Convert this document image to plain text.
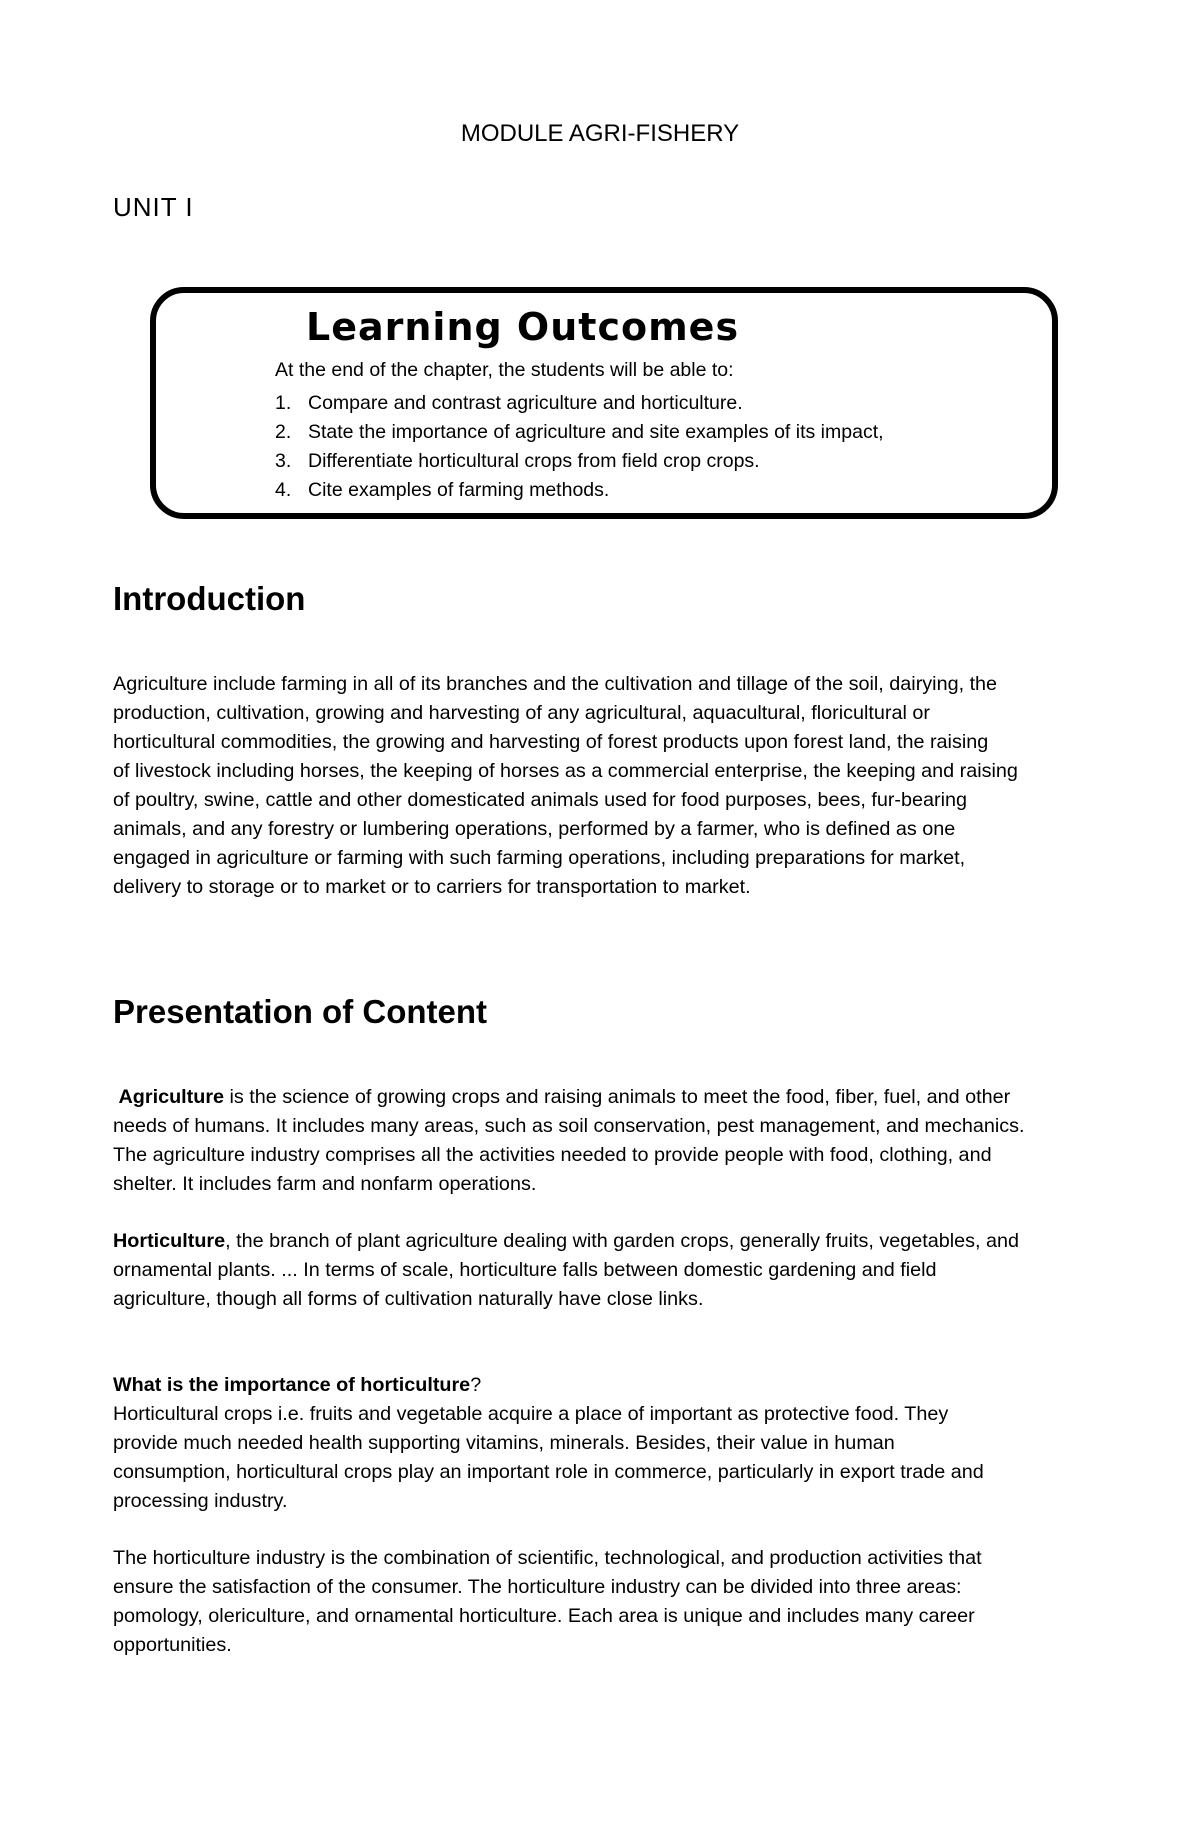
MODULE AGRI-FISHERY
UNIT I
Learning Outcomes
At the end of the chapter, the students will be able to:
1. Compare and contrast agriculture and horticulture.
2. State the importance of agriculture and site examples of its impact,
3. Differentiate horticultural crops from field crop crops.
4. Cite examples of farming methods.
Introduction
Agriculture include farming in all of its branches and the cultivation and tillage of the soil, dairying, the
production, cultivation, growing and harvesting of any agricultural, aquacultural, floricultural or
horticultural commodities, the growing and harvesting of forest products upon forest land, the raising
of livestock including horses, the keeping of horses as a commercial enterprise, the keeping and raising
of poultry, swine, cattle and other domesticated animals used for food purposes, bees, fur-bearing
animals, and any forestry or lumbering operations, performed by a farmer, who is defined as one
engaged in agriculture or farming with such farming operations, including preparations for market,
delivery to storage or to market or to carriers for transportation to market.
Presentation of Content
Agriculture is the science of growing crops and raising animals to meet the food, fiber, fuel, and other
needs of humans. It includes many areas, such as soil conservation, pest management, and mechanics.
The agriculture industry comprises all the activities needed to provide people with food, clothing, and
shelter. It includes farm and nonfarm operations.
Horticulture, the branch of plant agriculture dealing with garden crops, generally fruits, vegetables, and
ornamental plants. ... In terms of scale, horticulture falls between domestic gardening and field
agriculture, though all forms of cultivation naturally have close links.
What is the importance of horticulture?
Horticultural crops i.e. fruits and vegetable acquire a place of important as protective food. They
provide much needed health supporting vitamins, minerals. Besides, their value in human
consumption, horticultural crops play an important role in commerce, particularly in export trade and
processing industry.
The horticulture industry is the combination of scientific, technological, and production activities that
ensure the satisfaction of the consumer. The horticulture industry can be divided into three areas:
pomology, olericulture, and ornamental horticulture. Each area is unique and includes many career
opportunities.
